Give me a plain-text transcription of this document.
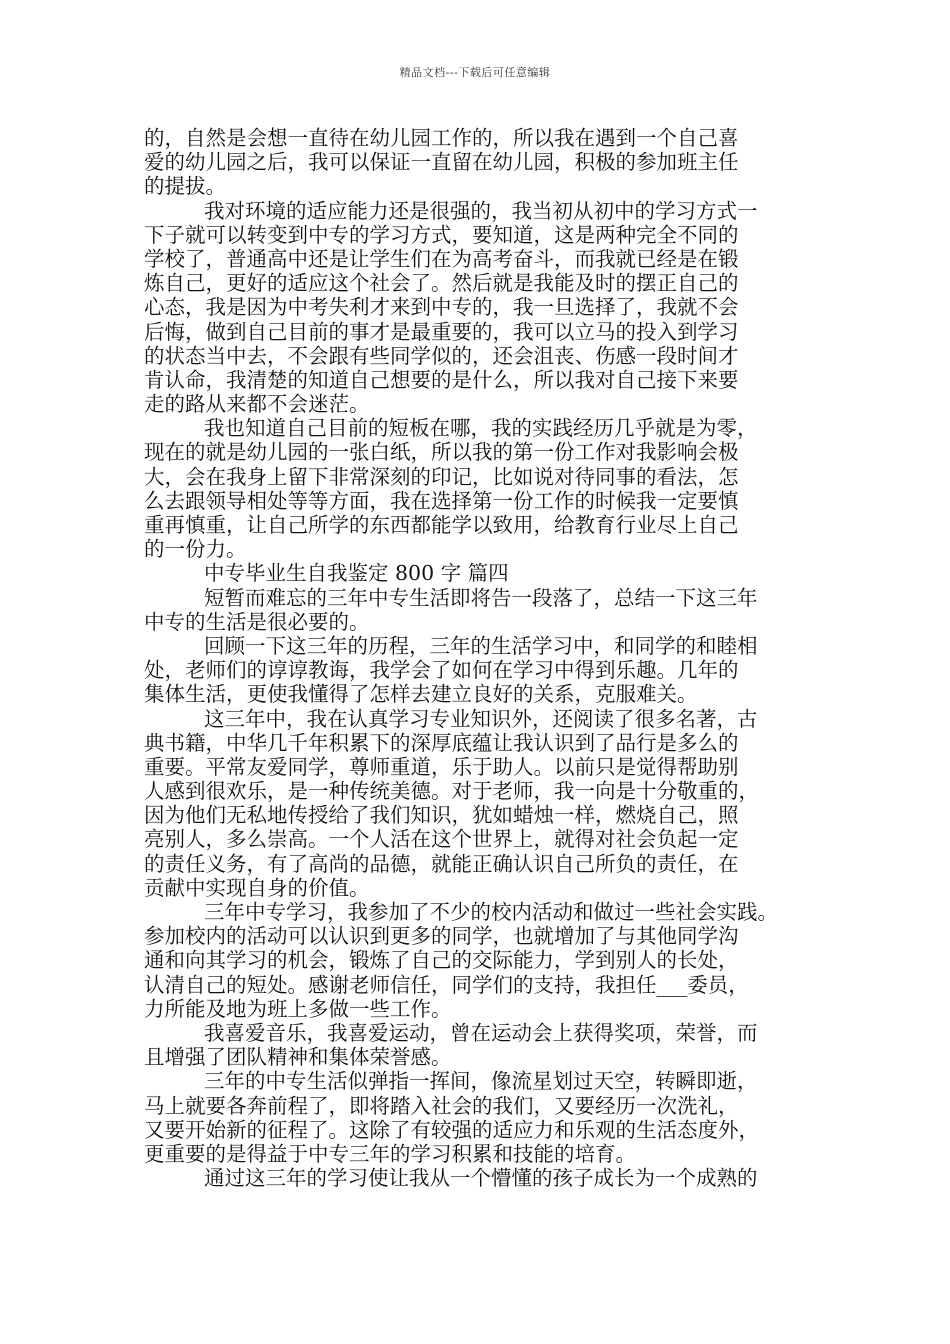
精品文档---下载后可任意编辑
的，自然是会想一直待在幼儿园工作的，所以我在遇到一个自己喜
爱的幼儿园之后，我可以保证一直留在幼儿园，积极的参加班主任
的提拔。
我对环境的适应能力还是很强的，我当初从初中的学习方式一
下子就可以转变到中专的学习方式，要知道，这是两种完全不同的
学校了，普通高中还是让学生们在为高考奋斗，而我就已经是在锻
炼自己，更好的适应这个社会了。然后就是我能及时的摆正自己的
心态，我是因为中考失利才来到中专的，我一旦选择了，我就不会
后悔，做到自己目前的事才是最重要的，我可以立马的投入到学习
的状态当中去，不会跟有些同学似的，还会沮丧、伤感一段时间才
肯认命，我清楚的知道自己想要的是什么，所以我对自己接下来要
走的路从来都不会迷茫。
我也知道自己目前的短板在哪，我的实践经历几乎就是为零，
现在的就是幼儿园的一张白纸，所以我的第一份工作对我影响会极
大，会在我身上留下非常深刻的印记，比如说对待同事的看法，怎
么去跟领导相处等等方面，我在选择第一份工作的时候我一定要慎
重再慎重，让自己所学的东西都能学以致用，给教育行业尽上自己
的一份力。
中专毕业生自我鉴定 800 字 篇四
短暂而难忘的三年中专生活即将告一段落了，总结一下这三年
中专的生活是很必要的。
回顾一下这三年的历程，三年的生活学习中，和同学的和睦相
处，老师们的谆谆教诲，我学会了如何在学习中得到乐趣。几年的
集体生活，更使我懂得了怎样去建立良好的关系，克服难关。
这三年中，我在认真学习专业知识外，还阅读了很多名著，古
典书籍，中华几千年积累下的深厚底蕴让我认识到了品行是多么的
重要。平常友爱同学，尊师重道，乐于助人。以前只是觉得帮助别
人感到很欢乐，是一种传统美德。对于老师，我一向是十分敬重的，
因为他们无私地传授给了我们知识，犹如蜡烛一样，燃烧自己，照
亮别人，多么崇高。一个人活在这个世界上，就得对社会负起一定
的责任义务，有了高尚的品德，就能正确认识自己所负的责任，在
贡献中实现自身的价值。
三年中专学习，我参加了不少的校内活动和做过一些社会实践。
参加校内的活动可以认识到更多的同学，也就增加了与其他同学沟
通和向其学习的机会，锻炼了自己的交际能力，学到别人的长处，
认清自己的短处。感谢老师信任，同学们的支持，我担任___委员，
力所能及地为班上多做一些工作。
我喜爱音乐，我喜爱运动，曾在运动会上获得奖项，荣誉，而
且增强了团队精神和集体荣誉感。
三年的中专生活似弹指一挥间，像流星划过天空，转瞬即逝，
马上就要各奔前程了，即将踏入社会的我们，又要经历一次洗礼，
又要开始新的征程了。这除了有较强的适应力和乐观的生活态度外，
更重要的是得益于中专三年的学习积累和技能的培育。
通过这三年的学习使让我从一个懵懂的孩子成长为一个成熟的
